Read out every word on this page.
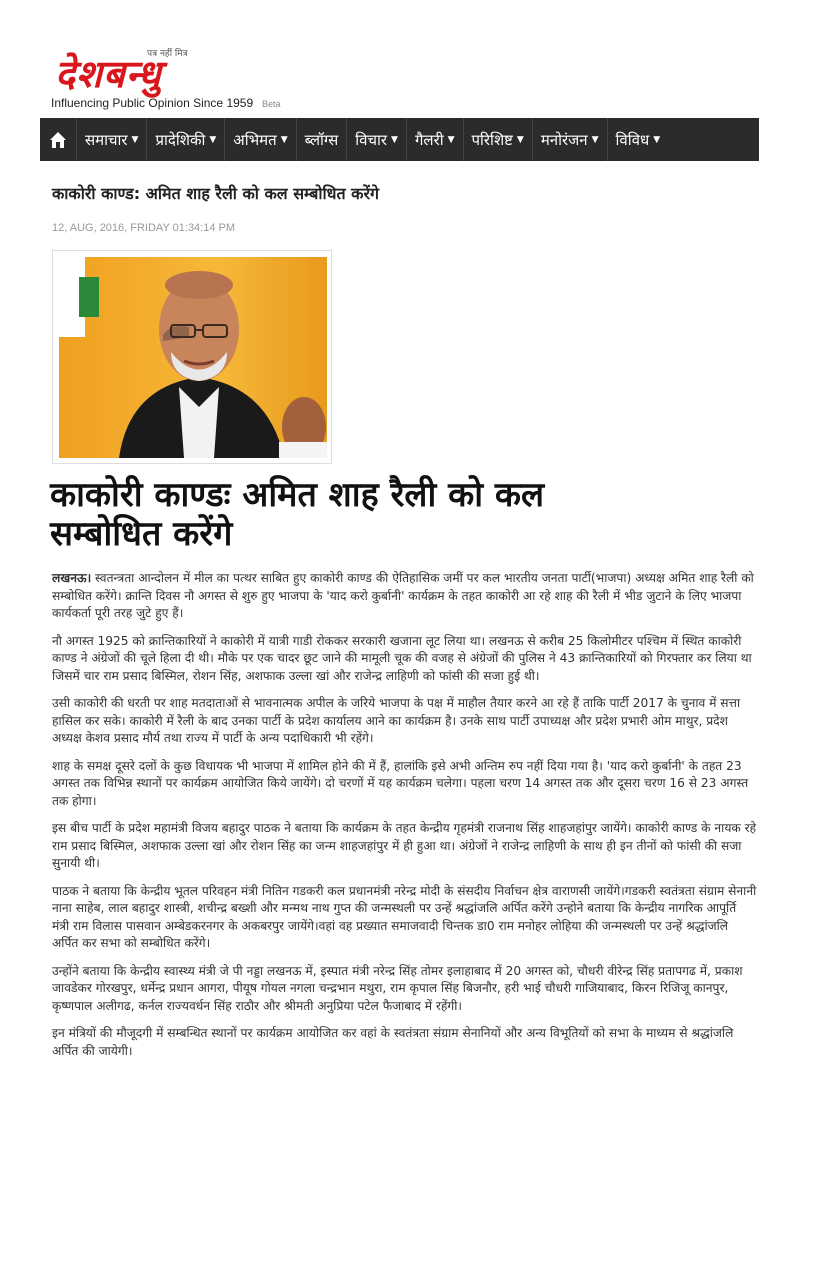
पत्र नहीं मित्र
देशबन्धु
Influencing Public Opinion Since 1959 Beta
समाचार ▼ प्रादेशिकी ▼ अभिमत ▼ ब्लॉग्स विचार ▼ गैलरी ▼ परिशिष्ट ▼ मनोरंजन ▼ विविध ▼
काकोरी काण्ड: अमित शाह रैली को कल सम्बोधित करेंगे
12, AUG, 2016, FRIDAY 01:34:14 PM
काकोरी काण्डः अमित शाह रैली को कल सम्बोधित करेंगे

लखनऊ। स्वतन्त्रता आन्दोलन में मील का पत्थर साबित हुए काकोरी काण्ड की ऐतिहासिक जमीं पर कल भारतीय जनता पार्टी(भाजपा) अध्यक्ष अमित शाह रैली को सम्बोधित करेंगे। क्रान्ति दिवस नौ अगस्त से शुरु हुए भाजपा के 'याद करो कुर्बानी' कार्यक्रम के तहत काकोरी आ रहे शाह की रैली में भीड जुटाने के लिए भाजपा कार्यकर्ता पूरी तरह जुटे हुए हैं।

नौ अगस्त 1925 को क्रान्तिकारियों ने काकोरी में यात्री गाडी रोककर सरकारी खजाना लूट लिया था। लखनऊ से करीब 25 किलोमीटर पश्चिम में स्थित काकोरी काण्ड ने अंग्रेजों की चूले हिला दी थी। मौके पर एक चादर छूट जाने की मामूली चूक की वजह से अंग्रेजों की पुलिस ने 43 क्रान्तिकारियों को गिरफ्तार कर लिया था जिसमें चार राम प्रसाद बिस्मिल, रोशन सिंह, अशफाक उल्ला खां और राजेन्द्र लाहिणी को फांसी की सजा हुई थी।

उसी काकोरी की धरती पर शाह मतदाताओं से भावनात्मक अपील के जरिये भाजपा के पक्ष में माहौल तैयार करने आ रहे हैं ताकि पार्टी 2017 के चुनाव में सत्ता हासिल कर सके। काकोरी में रैली के बाद उनका पार्टी के प्रदेश कार्यालय आने का कार्यक्रम है। उनके साथ पार्टी उपाध्यक्ष और प्रदेश प्रभारी ओम माथुर, प्रदेश अध्यक्ष केशव प्रसाद मौर्य तथा राज्य में पार्टी के अन्य पदाधिकारी भी रहेंगे।

शाह के समक्ष दूसरे दलों के कुछ विधायक भी भाजपा में शामिल होने की में हैं, हालांकि इसे अभी अन्तिम रुप नहीं दिया गया है। 'याद करो कुर्बानी' के तहत 23 अगस्त तक विभिन्न स्थानों पर कार्यक्रम आयोजित किये जायेंगे। दो चरणों में यह कार्यक्रम चलेगा। पहला चरण 14 अगस्त तक और दूसरा चरण 16 से 23 अगस्त तक होगा।

इस बीच पार्टी के प्रदेश महामंत्री विजय बहादुर पाठक ने बताया कि कार्यक्रम के तहत केन्द्रीय गृहमंत्री राजनाथ सिंह शाहजहांपुर जायेंगे। काकोरी काण्ड के नायक रहे राम प्रसाद बिस्मिल, अशफाक उल्ला खां और रोशन सिंह का जन्म शाहजहांपुर में ही हुआ था। अंग्रेजों ने राजेन्द्र लाहिणी के साथ ही इन तीनों को फांसी की सजा सुनायी थी।

पाठक ने बताया कि केन्द्रीय भूतल परिवहन मंत्री नितिन गडकरी कल प्रधानमंत्री नरेन्द्र मोदी के संसदीय निर्वाचन क्षेत्र वाराणसी जायेंगे।गडकरी स्वतंत्रता संग्राम सेनानी नाना साहेब, लाल बहादुर शास्त्री, शचीन्द्र बख्शी और मन्मथ नाथ गुप्त की जन्मस्थली पर उन्हें श्रद्धांजलि अर्पित करेंगे उन्होने बताया कि केन्द्रीय नागरिक आपूर्ति मंत्री राम विलास पासवान अम्बेडकरनगर के अकबरपुर जायेंगे।वहां वह प्रख्यात समाजवादी चिन्तक डा0 राम मनोहर लोहिया की जन्मस्थली पर उन्हें श्रद्धांजलि अर्पित कर सभा को सम्बोधित करेंगे।

उन्होंने बताया कि केन्द्रीय स्वास्थ्य मंत्री जे पी नड्डा लखनऊ में, इस्पात मंत्री नरेन्द्र सिंह तोमर इलाहाबाद में 20 अगस्त को, चौधरी वीरेन्द्र सिंह प्रतापगढ में, प्रकाश जावडेकर गोरखपुर, धर्मेन्द्र प्रधान आगरा, पीयूष गोयल नगला चन्द्रभान मथुरा, राम कृपाल सिंह बिजनौर, हरी भाई चौधरी गाजियाबाद, किरन रिजिजू कानपुर, कृष्णपाल अलीगढ, कर्नल राज्यवर्धन सिंह राठौर और श्रीमती अनुप्रिया पटेल फैजाबाद में रहेंगी।

इन मंत्रियों की मौजूदगी में सम्बन्धित स्थानों पर कार्यक्रम आयोजित कर वहां के स्वतंत्रता संग्राम सेनानियों और अन्य विभूतियों को सभा के माध्यम से श्रद्धांजलि अर्पित की जायेगी।
